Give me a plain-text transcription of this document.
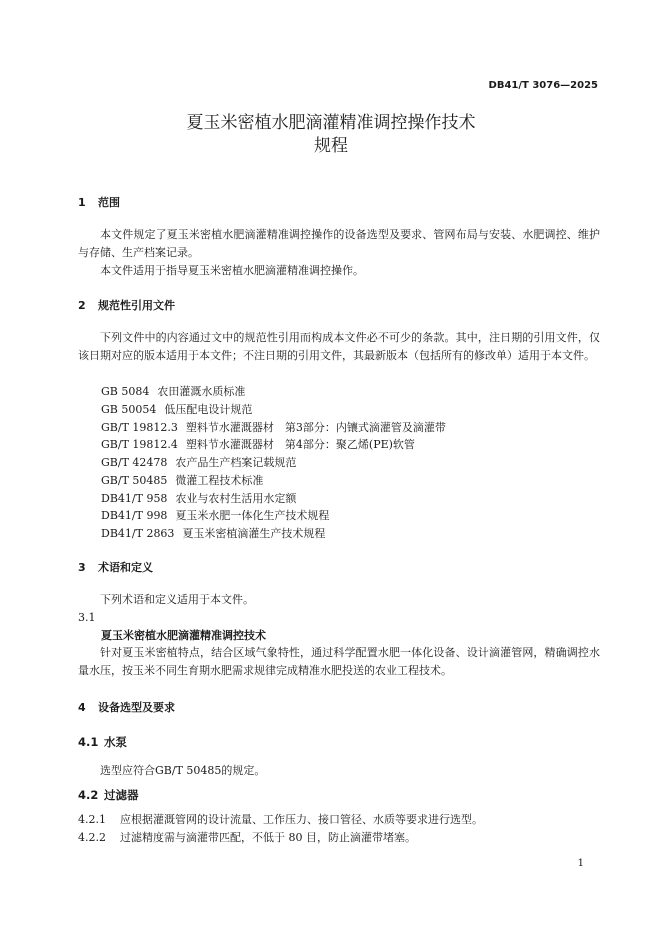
DB41/T 3076—2025
夏玉米密植水肥滴灌精准调控操作技术
规程
1 范围
本文件规定了夏玉米密植水肥滴灌精准调控操作的设备选型及要求、管网布局与安装、水肥调控、维护与存储、生产档案记录。
本文件适用于指导夏玉米密植水肥滴灌精准调控操作。
2 规范性引用文件
下列文件中的内容通过文中的规范性引用而构成本文件必不可少的条款。其中，注日期的引用文件，仅该日期对应的版本适用于本文件；不注日期的引用文件，其最新版本（包括所有的修改单）适用于本文件。
GB 5084 农田灌溉水质标准
GB 50054 低压配电设计规范
GB/T 19812.3 塑料节水灌溉器材　第3部分：内镶式滴灌管及滴灌带
GB/T 19812.4 塑料节水灌溉器材　第4部分：聚乙烯(PE)软管
GB/T 42478 农产品生产档案记载规范
GB/T 50485 微灌工程技术标准
DB41/T 958 农业与农村生活用水定额
DB41/T 998 夏玉米水肥一体化生产技术规程
DB41/T 2863 夏玉米密植滴灌生产技术规程
3 术语和定义
下列术语和定义适用于本文件。
3.1
夏玉米密植水肥滴灌精准调控技术
针对夏玉米密植特点，结合区域气象特性，通过科学配置水肥一体化设备、设计滴灌管网，精确调控水量水压，按玉米不同生育期水肥需求规律完成精准水肥投送的农业工程技术。
4 设备选型及要求
4.1 水泵
选型应符合GB/T 50485的规定。
4.2 过滤器
4.2.1 应根据灌溉管网的设计流量、工作压力、接口管径、水质等要求进行选型。
4.2.2 过滤精度需与滴灌带匹配，不低于 80 目，防止滴灌带堵塞。
1
